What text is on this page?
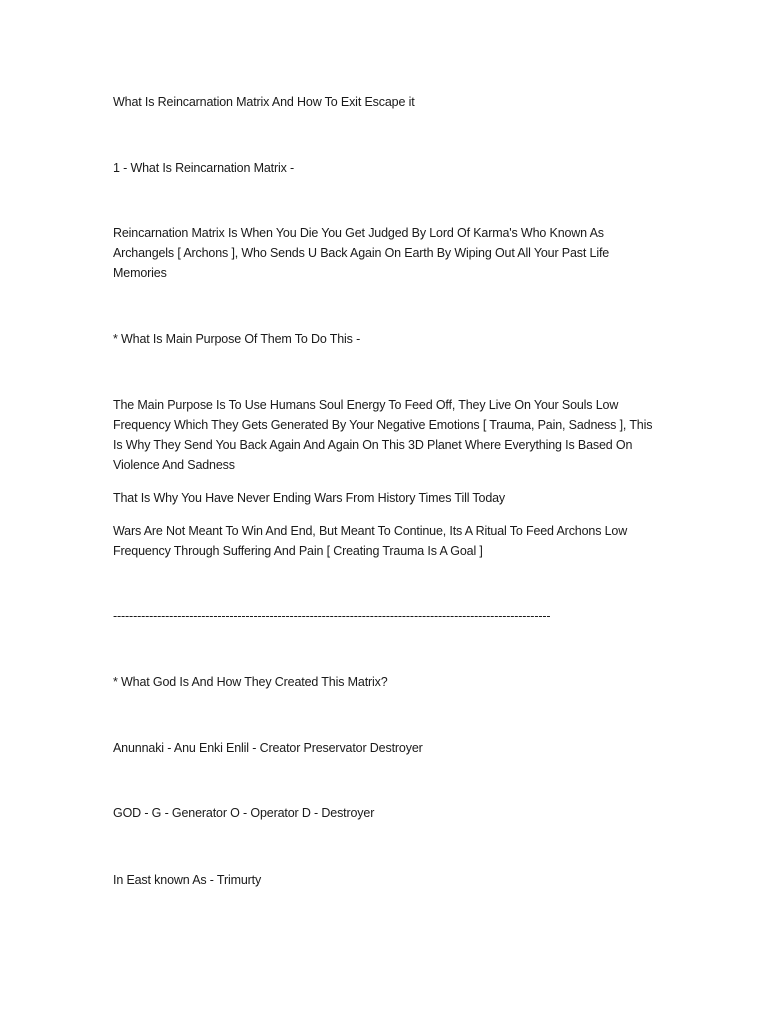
What Is Reincarnation Matrix And How To Exit Escape it
1 - What Is Reincarnation Matrix -
Reincarnation Matrix Is When You Die You Get Judged By Lord Of Karma's Who Known As Archangels [ Archons ], Who Sends U Back Again On Earth By Wiping Out All Your Past Life Memories
* What Is Main Purpose Of Them To Do This -
The Main Purpose Is To Use Humans Soul Energy To Feed Off, They Live On Your Souls Low Frequency Which They Gets Generated By Your Negative Emotions [ Trauma, Pain, Sadness ], This Is Why They Send You Back Again And Again On This 3D Planet Where Everything Is Based On Violence And Sadness
That Is Why You Have Never Ending Wars From History Times Till Today
Wars Are Not Meant To Win And End, But Meant To Continue, Its A Ritual To Feed Archons Low Frequency Through Suffering And Pain [ Creating Trauma Is A Goal ]
-------------------------------------------------------------------------------------------------------------
* What God Is And How They Created This Matrix?
Anunnaki - Anu Enki Enlil - Creator Preservator Destroyer
GOD - G - Generator O - Operator D - Destroyer
In East known As - Trimurty
